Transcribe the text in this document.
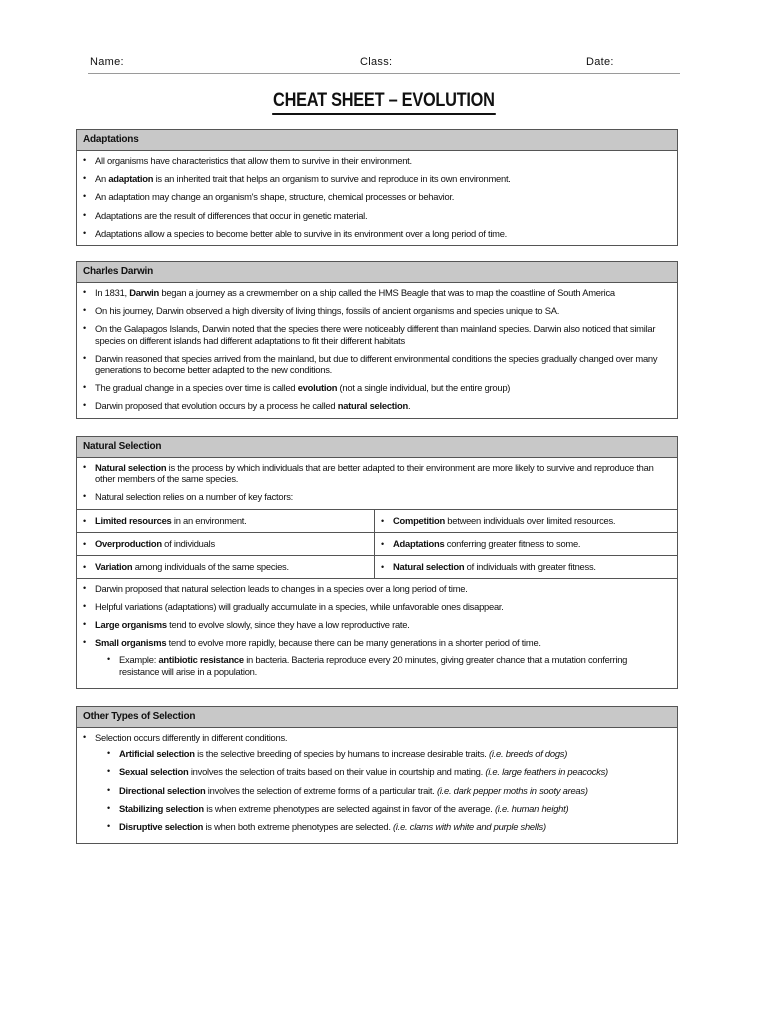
Name:	Class:	Date:
CHEAT SHEET – EVOLUTION
Adaptations
• All organisms have characteristics that allow them to survive in their environment.
• An adaptation is an inherited trait that helps an organism to survive and reproduce in its own environment.
• An adaptation may change an organism's shape, structure, chemical processes or behavior.
• Adaptations are the result of differences that occur in genetic material.
• Adaptations allow a species to become better able to survive in its environment over a long period of time.
Charles Darwin
• In 1831, Darwin began a journey as a crewmember on a ship called the HMS Beagle that was to map the coastline of South America
• On his journey, Darwin observed a high diversity of living things, fossils of ancient organisms and species unique to SA.
• On the Galapagos Islands, Darwin noted that the species there were noticeably different than mainland species. Darwin also noticed that similar species on different islands had different adaptations to fit their different habitats
• Darwin reasoned that species arrived from the mainland, but due to different environmental conditions the species gradually changed over many generations to become better adapted to the new conditions.
• The gradual change in a species over time is called evolution (not a single individual, but the entire group)
• Darwin proposed that evolution occurs by a process he called natural selection.
Natural Selection
• Natural selection is the process by which individuals that are better adapted to their environment are more likely to survive and reproduce than other members of the same species.
• Natural selection relies on a number of key factors:
• Limited resources in an environment.	• Competition between individuals over limited resources.
• Overproduction of individuals	• Adaptations conferring greater fitness to some.
• Variation among individuals of the same species.	• Natural selection of individuals with greater fitness.
• Darwin proposed that natural selection leads to changes in a species over a long period of time.
• Helpful variations (adaptations) will gradually accumulate in a species, while unfavorable ones disappear.
• Large organisms tend to evolve slowly, since they have a low reproductive rate.
• Small organisms tend to evolve more rapidly, because there can be many generations in a shorter period of time.
• Example: antibiotic resistance in bacteria. Bacteria reproduce every 20 minutes, giving greater chance that a mutation conferring resistance will arise in a population.
Other Types of Selection
• Selection occurs differently in different conditions.
• Artificial selection is the selective breeding of species by humans to increase desirable traits. (i.e. breeds of dogs)
• Sexual selection involves the selection of traits based on their value in courtship and mating. (i.e. large feathers in peacocks)
• Directional selection involves the selection of extreme forms of a particular trait. (i.e. dark pepper moths in sooty areas)
• Stabilizing selection is when extreme phenotypes are selected against in favor of the average. (i.e. human height)
• Disruptive selection is when both extreme phenotypes are selected. (i.e. clams with white and purple shells)
